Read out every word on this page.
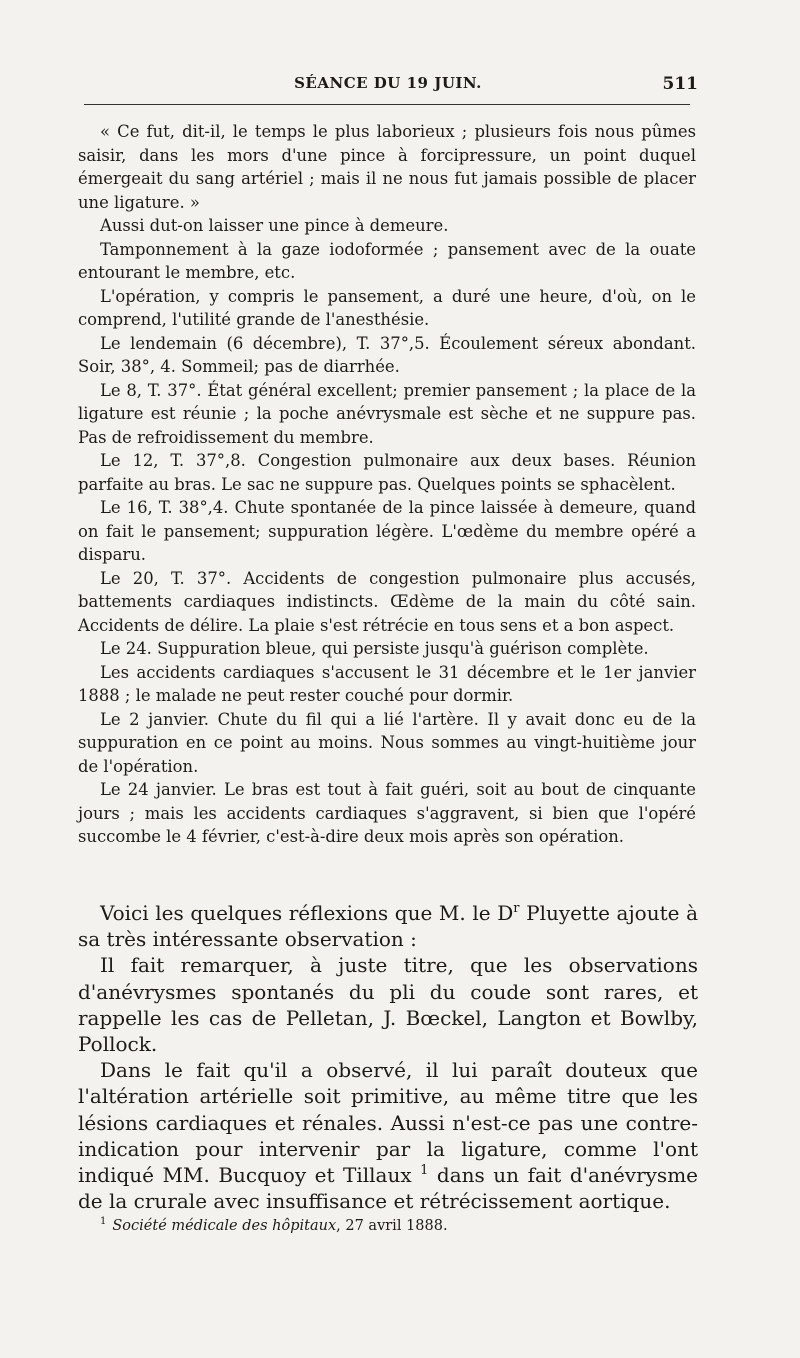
SÉANCE DU 19 JUIN.	511

« Ce fut, dit-il, le temps le plus laborieux ; plusieurs fois nous pûmes saisir, dans les mors d'une pince à forcipressure, un point duquel émergeait du sang artériel ; mais il ne nous fut jamais possible de placer une ligature. »

Aussi dut-on laisser une pince à demeure.

Tamponnement à la gaze iodoformée ; pansement avec de la ouate entourant le membre, etc.

L'opération, y compris le pansement, a duré une heure, d'où, on le comprend, l'utilité grande de l'anesthésie.

Le lendemain (6 décembre), T. 37°,5. Écoulement séreux abondant. Soir, 38°, 4. Sommeil; pas de diarrhée.

Le 8, T. 37°. État général excellent; premier pansement ; la place de la ligature est réunie ; la poche anévrysmale est sèche et ne suppure pas. Pas de refroidissement du membre.

Le 12, T. 37°,8. Congestion pulmonaire aux deux bases. Réunion parfaite au bras. Le sac ne suppure pas. Quelques points se sphacèlent.

Le 16, T. 38°,4. Chute spontanée de la pince laissée à demeure, quand on fait le pansement; suppuration légère. L'œdème du membre opéré a disparu.

Le 20, T. 37°. Accidents de congestion pulmonaire plus accusés, battements cardiaques indistincts. Œdème de la main du côté sain. Accidents de délire. La plaie s'est rétrécie en tous sens et a bon aspect.

Le 24. Suppuration bleue, qui persiste jusqu'à guérison complète.

Les accidents cardiaques s'accusent le 31 décembre et le 1er janvier 1888 ; le malade ne peut rester couché pour dormir.

Le 2 janvier. Chute du fil qui a lié l'artère. Il y avait donc eu de la suppuration en ce point au moins. Nous sommes au vingt-huitième jour de l'opération.

Le 24 janvier. Le bras est tout à fait guéri, soit au bout de cinquante jours ; mais les accidents cardiaques s'aggravent, si bien que l'opéré succombe le 4 février, c'est-à-dire deux mois après son opération.

Voici les quelques réflexions que M. le $D^r$ Pluyette ajoute à sa très intéressante observation :

Il fait remarquer, à juste titre, que les observations d'anévrysmes spontanés du pli du coude sont rares, et rappelle les cas de Pelletan, J. Bœckel, Langton et Bowlby, Pollock.

Dans le fait qu'il a observé, il lui paraît douteux que l'altération artérielle soit primitive, au même titre que les lésions cardiaques et rénales. Aussi n'est-ce pas une contre-indication pour intervenir par la ligature, comme l'ont indiqué MM. Bucquoy et Tillaux $^1$ dans un fait d'anévrysme de la crurale avec insuffisance et rétrécissement aortique.

$^1$ Société médicale des hôpitaux, 27 avril 1888.
